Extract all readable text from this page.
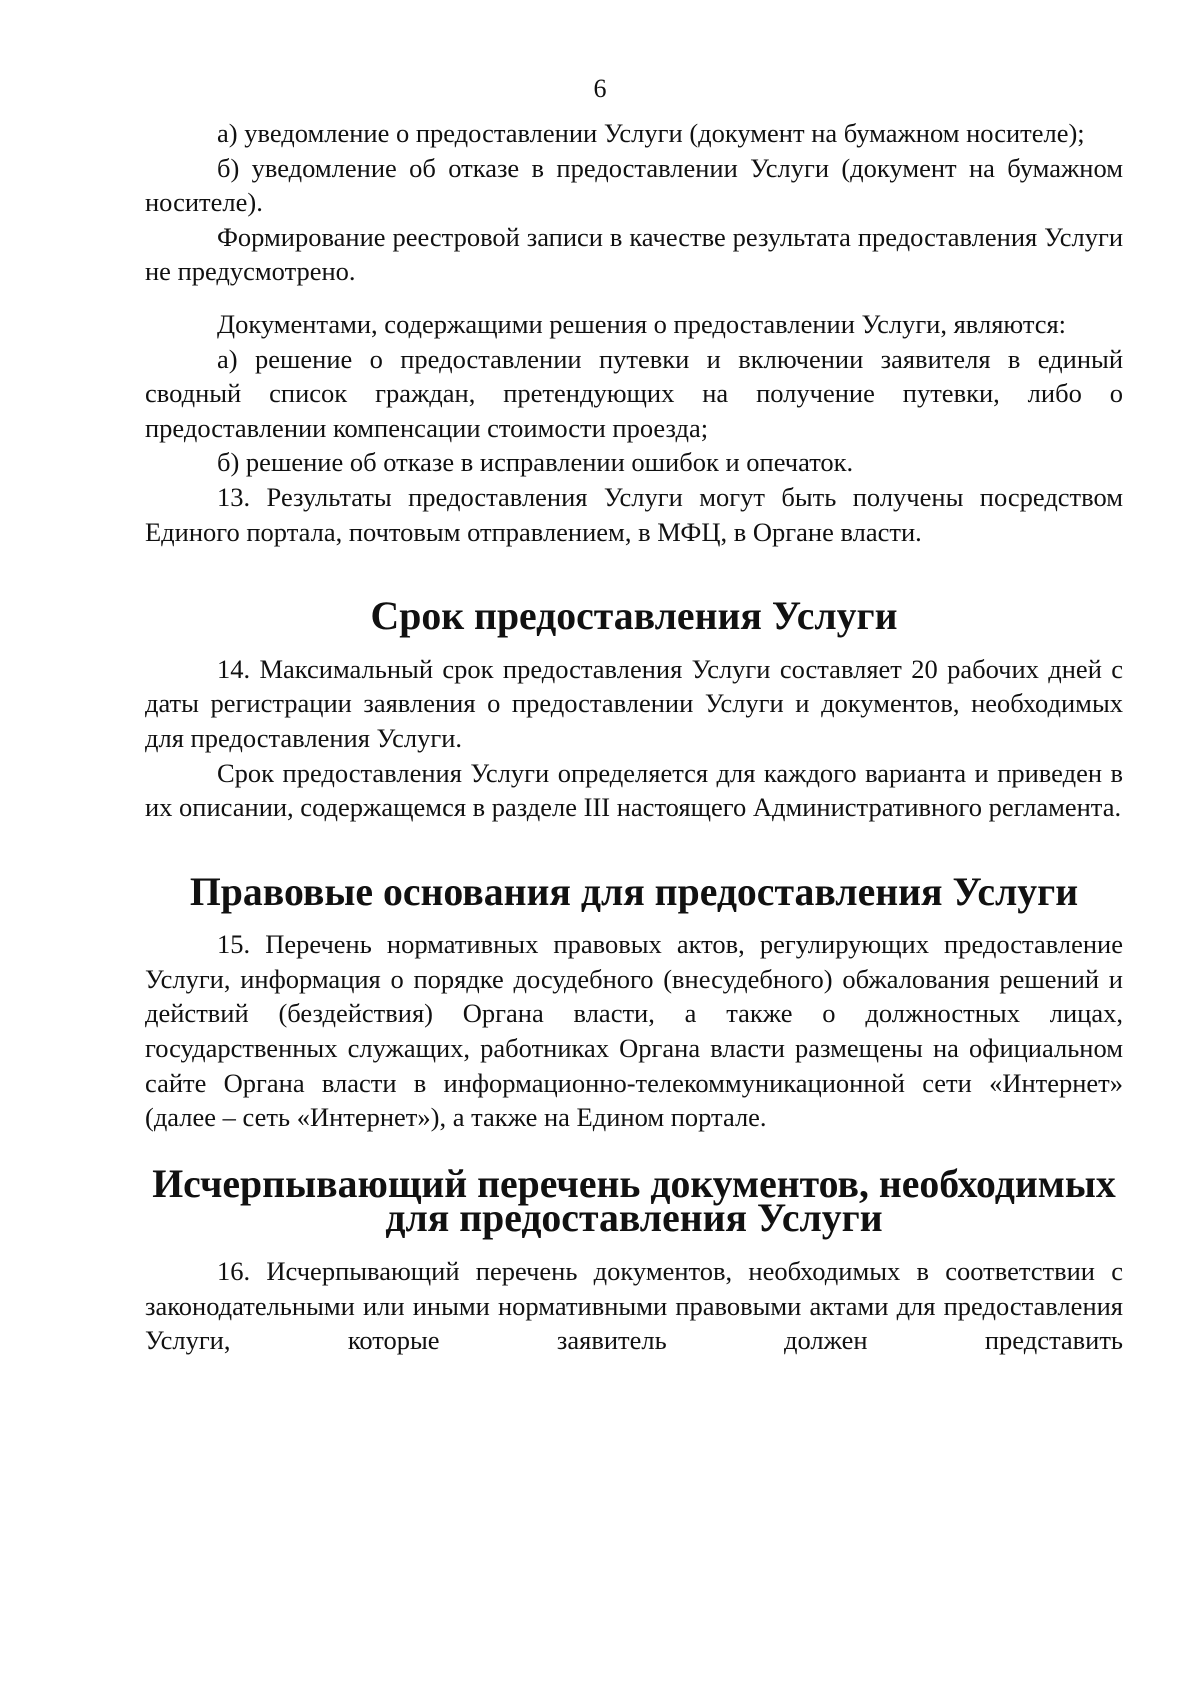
6

а) уведомление о предоставлении Услуги (документ на бумажном носителе);

б) уведомление об отказе в предоставлении Услуги (документ на бумажном носителе).

Формирование реестровой записи в качестве результата предоставления Услуги не предусмотрено.

Документами, содержащими решения о предоставлении Услуги, являются:

а) решение о предоставлении путевки и включении заявителя в единый сводный список граждан, претендующих на получение путевки, либо о предоставлении компенсации стоимости проезда;

б) решение об отказе в исправлении ошибок и опечаток.

13. Результаты предоставления Услуги могут быть получены посредством Единого портала, почтовым отправлением, в МФЦ, в Органе власти.

Срок предоставления Услуги

14. Максимальный срок предоставления Услуги составляет 20 рабочих дней с даты регистрации заявления о предоставлении Услуги и документов, необходимых для предоставления Услуги.

Срок предоставления Услуги определяется для каждого варианта и приведен в их описании, содержащемся в разделе III настоящего Административного регламента.

Правовые основания для предоставления Услуги

15. Перечень нормативных правовых актов, регулирующих предоставление Услуги, информация о порядке досудебного (внесудебного) обжалования решений и действий (бездействия) Органа власти, а также о должностных лицах, государственных служащих, работниках Органа власти размещены на официальном сайте Органа власти в информационно-телекоммуникационной сети «Интернет» (далее – сеть «Интернет»), а также на Едином портале.

Исчерпывающий перечень документов, необходимых для предоставления Услуги

16. Исчерпывающий перечень документов, необходимых в соответствии с законодательными или иными нормативными правовыми актами для предоставления Услуги, которые заявитель должен представить
